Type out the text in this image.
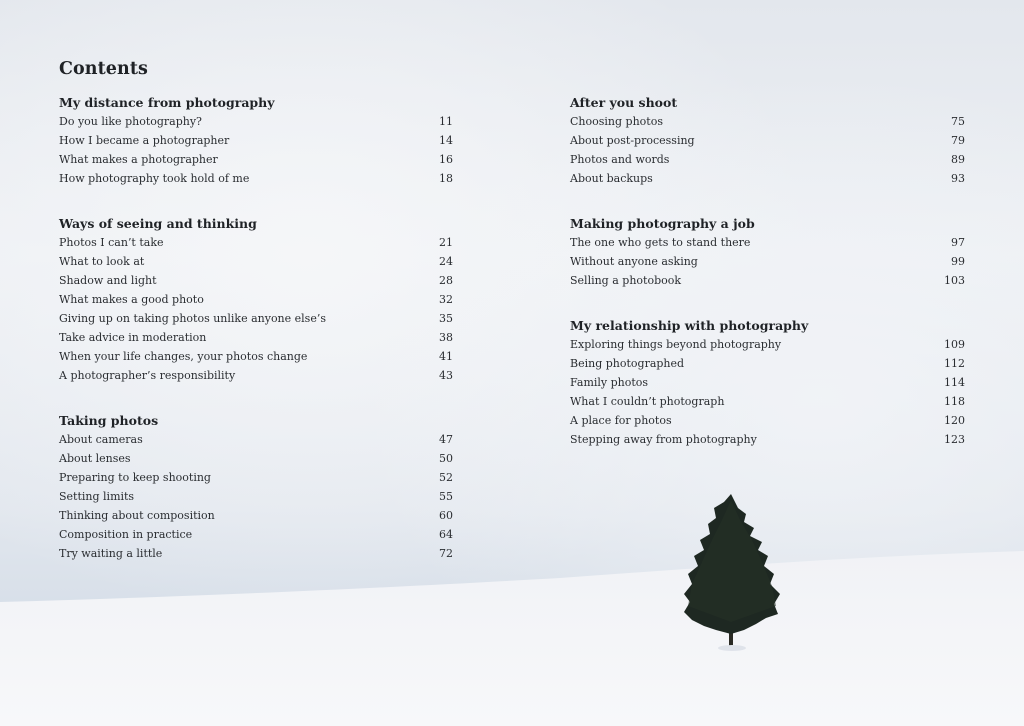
Contents
My distance from photography
Do you like photography?	11
How I became a photographer	14
What makes a photographer	16
How photography took hold of me	18
Ways of seeing and thinking
Photos I can’t take	21
What to look at	24
Shadow and light	28
What makes a good photo	32
Giving up on taking photos unlike anyone else’s	35
Take advice in moderation	38
When your life changes, your photos change	41
A photographer’s responsibility	43
Taking photos
About cameras	47
About lenses	50
Preparing to keep shooting	52
Setting limits	55
Thinking about composition	60
Composition in practice	64
Try waiting a little	72
After you shoot
Choosing photos	75
About post-processing	79
Photos and words	89
About backups	93
Making photography a job
The one who gets to stand there	97
Without anyone asking	99
Selling a photobook	103
My relationship with photography
Exploring things beyond photography	109
Being photographed	112
Family photos	114
What I couldn’t photograph	118
A place for photos	120
Stepping away from photography	123
